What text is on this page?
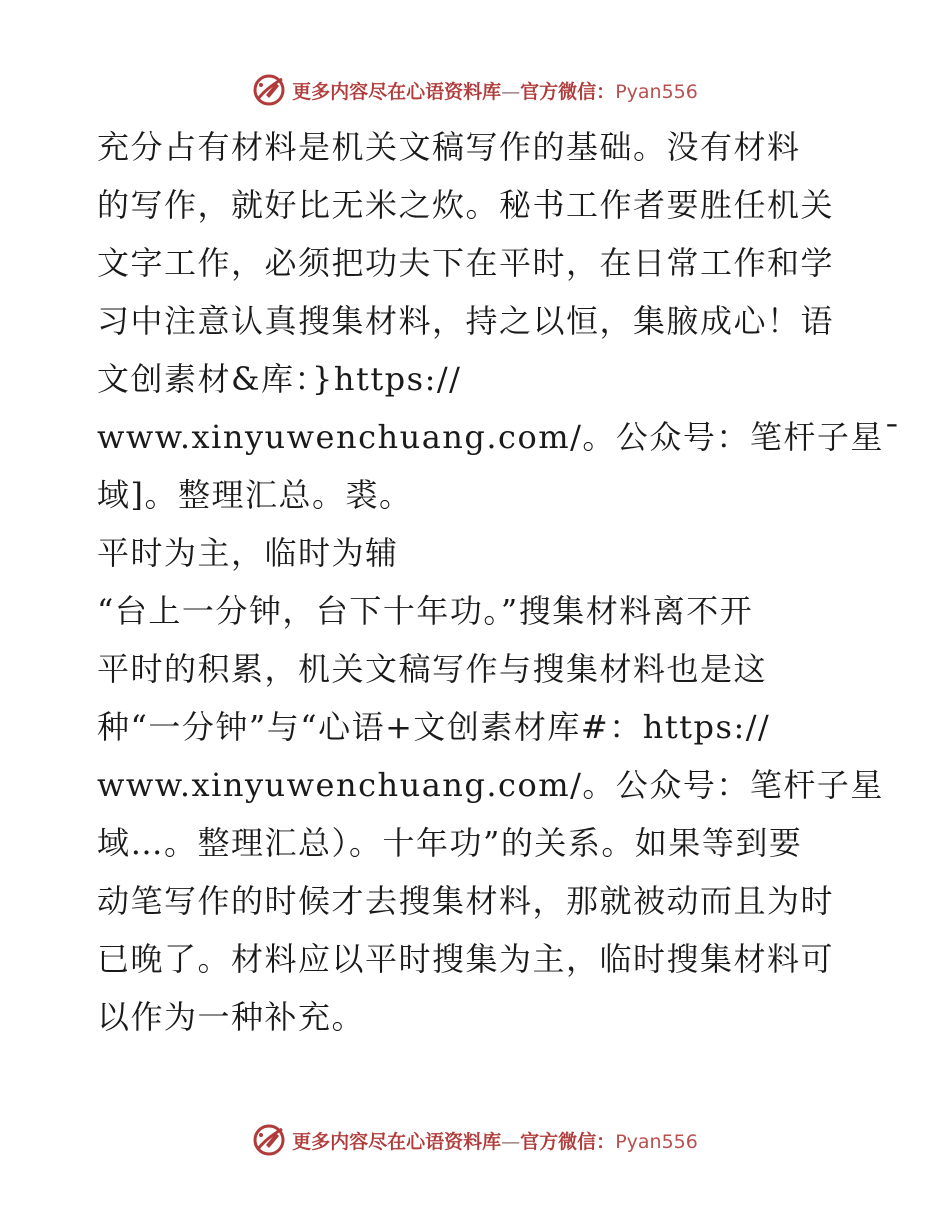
更多内容尽在心语资料库—官方微信：Pyan556
充分占有材料是机关文稿写作的基础。没有材料
的写作，就好比无米之炊。秘书工作者要胜任机关
文字工作，必须把功夫下在平时，在日常工作和学
习中注意认真搜集材料，持之以恒，集腋成心！语
文创素材&库：}https://
www.xinyuwenchuang.com/。公众号：笔杆子星¯
域]。整理汇总。裘。
平时为主，临时为辅
“台上一分钟，台下十年功。”搜集材料离不开
平时的积累，机关文稿写作与搜集材料也是这
种“一分钟”与“心语+文创素材库#：https://
www.xinyuwenchuang.com/。公众号：笔杆子星
域…。整理汇总）。十年功”的关系。如果等到要
动笔写作的时候才去搜集材料，那就被动而且为时
已晚了。材料应以平时搜集为主，临时搜集材料可
以作为一种补充。
更多内容尽在心语资料库—官方微信：Pyan556
